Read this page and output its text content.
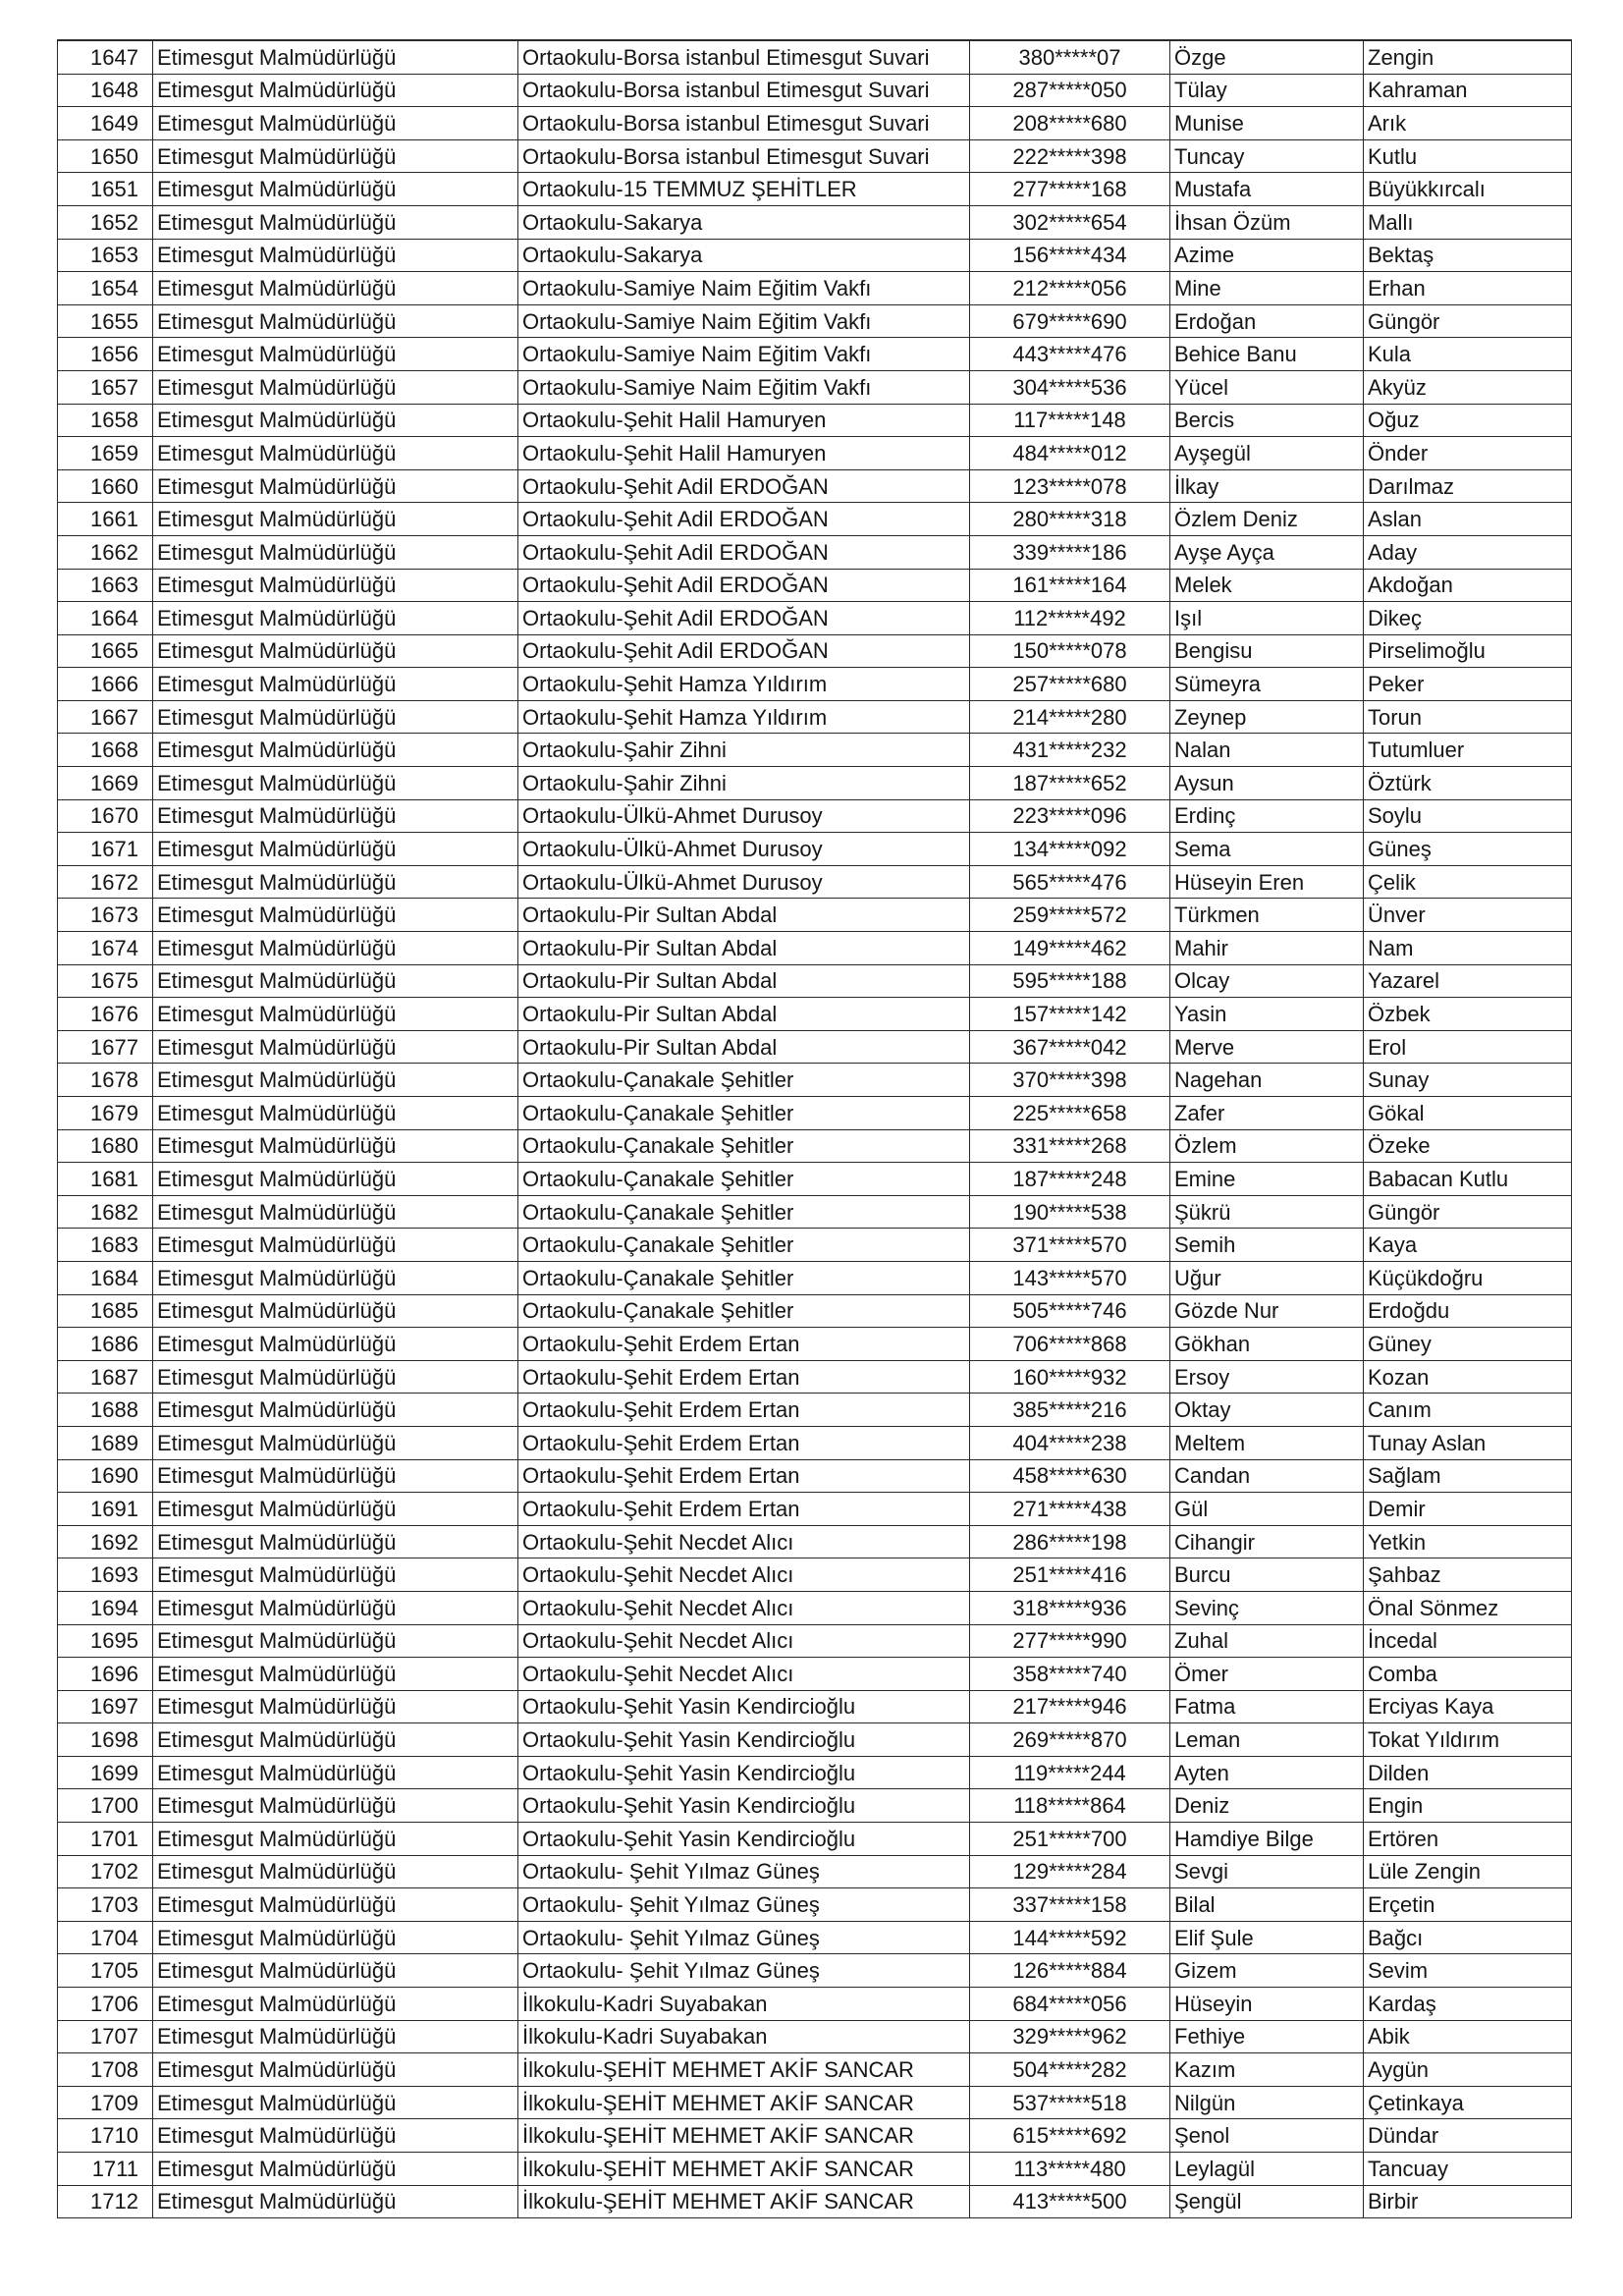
1647	Etimesgut Malmüdürlüğü	Ortaokulu-Borsa istanbul Etimesgut Suvari	380*****07	Özge	Zengin
1648	Etimesgut Malmüdürlüğü	Ortaokulu-Borsa istanbul Etimesgut Suvari	287*****050	Tülay	Kahraman
1649	Etimesgut Malmüdürlüğü	Ortaokulu-Borsa istanbul Etimesgut Suvari	208*****680	Munise	Arık
1650	Etimesgut Malmüdürlüğü	Ortaokulu-Borsa istanbul Etimesgut Suvari	222*****398	Tuncay	Kutlu
1651	Etimesgut Malmüdürlüğü	Ortaokulu-15 TEMMUZ ŞEHİTLER	277*****168	Mustafa	Büyükkırcalı
1652	Etimesgut Malmüdürlüğü	Ortaokulu-Sakarya	302*****654	İhsan Özüm	Mallı
1653	Etimesgut Malmüdürlüğü	Ortaokulu-Sakarya	156*****434	Azime	Bektaş
1654	Etimesgut Malmüdürlüğü	Ortaokulu-Samiye Naim Eğitim Vakfı	212*****056	Mine	Erhan
1655	Etimesgut Malmüdürlüğü	Ortaokulu-Samiye Naim Eğitim Vakfı	679*****690	Erdoğan	Güngör
1656	Etimesgut Malmüdürlüğü	Ortaokulu-Samiye Naim Eğitim Vakfı	443*****476	Behice Banu	Kula
1657	Etimesgut Malmüdürlüğü	Ortaokulu-Samiye Naim Eğitim Vakfı	304*****536	Yücel	Akyüz
1658	Etimesgut Malmüdürlüğü	Ortaokulu-Şehit Halil Hamuryen	117*****148	Bercis	Oğuz
1659	Etimesgut Malmüdürlüğü	Ortaokulu-Şehit Halil Hamuryen	484*****012	Ayşegül	Önder
1660	Etimesgut Malmüdürlüğü	Ortaokulu-Şehit Adil ERDOĞAN	123*****078	İlkay	Darılmaz
1661	Etimesgut Malmüdürlüğü	Ortaokulu-Şehit Adil ERDOĞAN	280*****318	Özlem Deniz	Aslan
1662	Etimesgut Malmüdürlüğü	Ortaokulu-Şehit Adil ERDOĞAN	339*****186	Ayşe Ayça	Aday
1663	Etimesgut Malmüdürlüğü	Ortaokulu-Şehit Adil ERDOĞAN	161*****164	Melek	Akdoğan
1664	Etimesgut Malmüdürlüğü	Ortaokulu-Şehit Adil ERDOĞAN	112*****492	Işıl	Dikeç
1665	Etimesgut Malmüdürlüğü	Ortaokulu-Şehit Adil ERDOĞAN	150*****078	Bengisu	Pirselimoğlu
1666	Etimesgut Malmüdürlüğü	Ortaokulu-Şehit Hamza Yıldırım	257*****680	Sümeyra	Peker
1667	Etimesgut Malmüdürlüğü	Ortaokulu-Şehit Hamza Yıldırım	214*****280	Zeynep	Torun
1668	Etimesgut Malmüdürlüğü	Ortaokulu-Şahir Zihni	431*****232	Nalan	Tutumluer
1669	Etimesgut Malmüdürlüğü	Ortaokulu-Şahir Zihni	187*****652	Aysun	Öztürk
1670	Etimesgut Malmüdürlüğü	Ortaokulu-Ülkü-Ahmet Durusoy	223*****096	Erdinç	Soylu
1671	Etimesgut Malmüdürlüğü	Ortaokulu-Ülkü-Ahmet Durusoy	134*****092	Sema	Güneş
1672	Etimesgut Malmüdürlüğü	Ortaokulu-Ülkü-Ahmet Durusoy	565*****476	Hüseyin Eren	Çelik
1673	Etimesgut Malmüdürlüğü	Ortaokulu-Pir Sultan Abdal	259*****572	Türkmen	Ünver
1674	Etimesgut Malmüdürlüğü	Ortaokulu-Pir Sultan Abdal	149*****462	Mahir	Nam
1675	Etimesgut Malmüdürlüğü	Ortaokulu-Pir Sultan Abdal	595*****188	Olcay	Yazarel
1676	Etimesgut Malmüdürlüğü	Ortaokulu-Pir Sultan Abdal	157*****142	Yasin	Özbek
1677	Etimesgut Malmüdürlüğü	Ortaokulu-Pir Sultan Abdal	367*****042	Merve	Erol
1678	Etimesgut Malmüdürlüğü	Ortaokulu-Çanakale Şehitler	370*****398	Nagehan	Sunay
1679	Etimesgut Malmüdürlüğü	Ortaokulu-Çanakale Şehitler	225*****658	Zafer	Gökal
1680	Etimesgut Malmüdürlüğü	Ortaokulu-Çanakale Şehitler	331*****268	Özlem	Özeke
1681	Etimesgut Malmüdürlüğü	Ortaokulu-Çanakale Şehitler	187*****248	Emine	Babacan Kutlu
1682	Etimesgut Malmüdürlüğü	Ortaokulu-Çanakale Şehitler	190*****538	Şükrü	Güngör
1683	Etimesgut Malmüdürlüğü	Ortaokulu-Çanakale Şehitler	371*****570	Semih	Kaya
1684	Etimesgut Malmüdürlüğü	Ortaokulu-Çanakale Şehitler	143*****570	Uğur	Küçükdoğru
1685	Etimesgut Malmüdürlüğü	Ortaokulu-Çanakale Şehitler	505*****746	Gözde Nur	Erdoğdu
1686	Etimesgut Malmüdürlüğü	Ortaokulu-Şehit Erdem Ertan	706*****868	Gökhan	Güney
1687	Etimesgut Malmüdürlüğü	Ortaokulu-Şehit Erdem Ertan	160*****932	Ersoy	Kozan
1688	Etimesgut Malmüdürlüğü	Ortaokulu-Şehit Erdem Ertan	385*****216	Oktay	Canım
1689	Etimesgut Malmüdürlüğü	Ortaokulu-Şehit Erdem Ertan	404*****238	Meltem	Tunay Aslan
1690	Etimesgut Malmüdürlüğü	Ortaokulu-Şehit Erdem Ertan	458*****630	Candan	Sağlam
1691	Etimesgut Malmüdürlüğü	Ortaokulu-Şehit Erdem Ertan	271*****438	Gül	Demir
1692	Etimesgut Malmüdürlüğü	Ortaokulu-Şehit Necdet Alıcı	286*****198	Cihangir	Yetkin
1693	Etimesgut Malmüdürlüğü	Ortaokulu-Şehit Necdet Alıcı	251*****416	Burcu	Şahbaz
1694	Etimesgut Malmüdürlüğü	Ortaokulu-Şehit Necdet Alıcı	318*****936	Sevinç	Önal Sönmez
1695	Etimesgut Malmüdürlüğü	Ortaokulu-Şehit Necdet Alıcı	277*****990	Zuhal	İncedal
1696	Etimesgut Malmüdürlüğü	Ortaokulu-Şehit Necdet Alıcı	358*****740	Ömer	Comba
1697	Etimesgut Malmüdürlüğü	Ortaokulu-Şehit Yasin Kendircioğlu	217*****946	Fatma	Erciyas Kaya
1698	Etimesgut Malmüdürlüğü	Ortaokulu-Şehit Yasin Kendircioğlu	269*****870	Leman	Tokat Yıldırım
1699	Etimesgut Malmüdürlüğü	Ortaokulu-Şehit Yasin Kendircioğlu	119*****244	Ayten	Dilden
1700	Etimesgut Malmüdürlüğü	Ortaokulu-Şehit Yasin Kendircioğlu	118*****864	Deniz	Engin
1701	Etimesgut Malmüdürlüğü	Ortaokulu-Şehit Yasin Kendircioğlu	251*****700	Hamdiye Bilge	Ertören
1702	Etimesgut Malmüdürlüğü	Ortaokulu- Şehit Yılmaz Güneş	129*****284	Sevgi	Lüle Zengin
1703	Etimesgut Malmüdürlüğü	Ortaokulu- Şehit Yılmaz Güneş	337*****158	Bilal	Erçetin
1704	Etimesgut Malmüdürlüğü	Ortaokulu- Şehit Yılmaz Güneş	144*****592	Elif Şule	Bağcı
1705	Etimesgut Malmüdürlüğü	Ortaokulu- Şehit Yılmaz Güneş	126*****884	Gizem	Sevim
1706	Etimesgut Malmüdürlüğü	İlkokulu-Kadri Suyabakan	684*****056	Hüseyin	Kardaş
1707	Etimesgut Malmüdürlüğü	İlkokulu-Kadri Suyabakan	329*****962	Fethiye	Abik
1708	Etimesgut Malmüdürlüğü	İlkokulu-ŞEHİT MEHMET AKİF SANCAR	504*****282	Kazım	Aygün
1709	Etimesgut Malmüdürlüğü	İlkokulu-ŞEHİT MEHMET AKİF SANCAR	537*****518	Nilgün	Çetinkaya
1710	Etimesgut Malmüdürlüğü	İlkokulu-ŞEHİT MEHMET AKİF SANCAR	615*****692	Şenol	Dündar
1711	Etimesgut Malmüdürlüğü	İlkokulu-ŞEHİT MEHMET AKİF SANCAR	113*****480	Leylagül	Tancuay
1712	Etimesgut Malmüdürlüğü	İlkokulu-ŞEHİT MEHMET AKİF SANCAR	413*****500	Şengül	Birbir
